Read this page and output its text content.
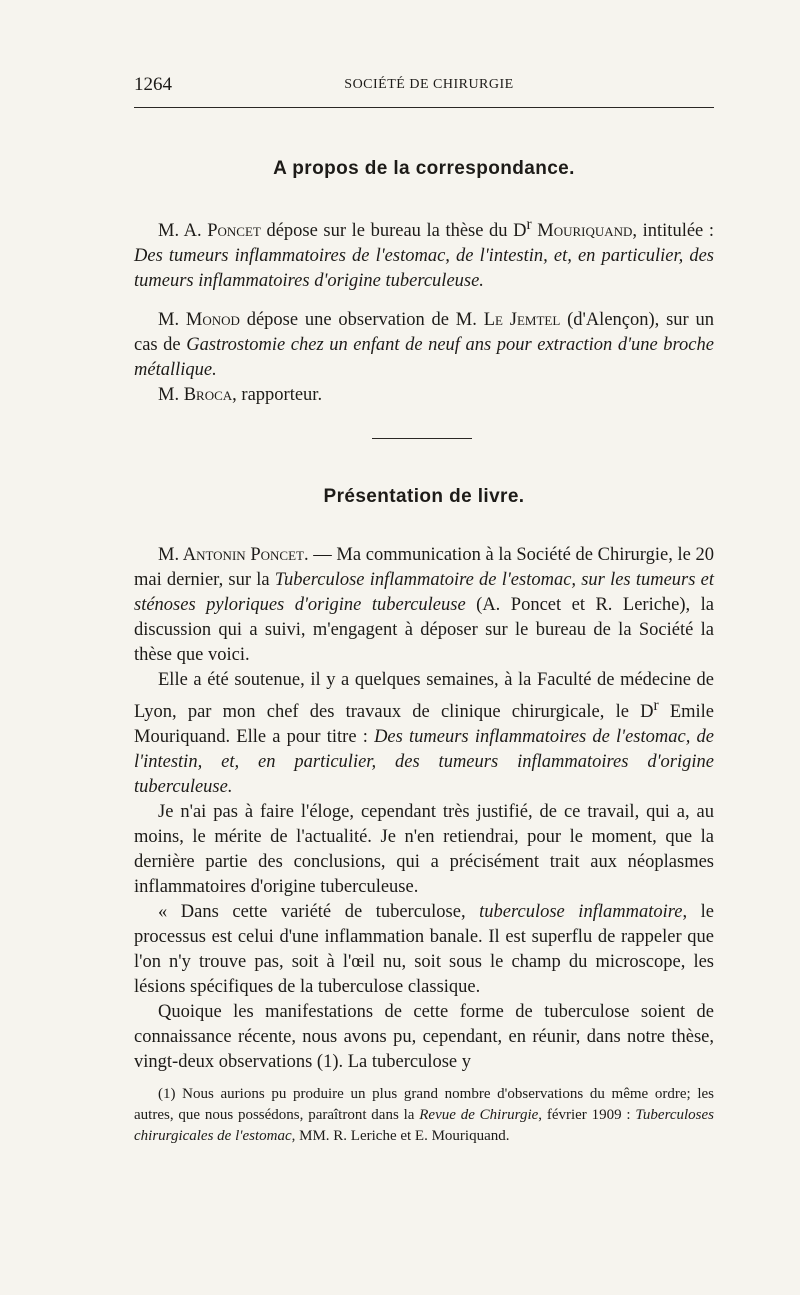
1264	SOCIÉTÉ DE CHIRURGIE
A propos de la correspondance.

M. A. Poncet dépose sur le bureau la thèse du $D^r$ Mouriquand, intitulée : Des tumeurs inflammatoires de l'estomac, de l'intestin, et, en particulier, des tumeurs inflammatoires d'origine tuberculeuse.

M. Monod dépose une observation de M. Le Jemtel (d'Alençon), sur un cas de Gastrostomie chez un enfant de neuf ans pour extraction d'une broche métallique.

M. Broca, rapporteur.

Présentation de livre.

M. Antonin Poncet. — Ma communication à la Société de Chirurgie, le 20 mai dernier, sur la Tuberculose inflammatoire de l'estomac, sur les tumeurs et sténoses pyloriques d'origine tuberculeuse (A. Poncet et R. Leriche), la discussion qui a suivi, m'engagent à déposer sur le bureau de la Société la thèse que voici.

Elle a été soutenue, il y a quelques semaines, à la Faculté de médecine de Lyon, par mon chef des travaux de clinique chirurgicale, le $D^r$ Emile Mouriquand. Elle a pour titre : Des tumeurs inflammatoires de l'estomac, de l'intestin, et, en particulier, des tumeurs inflammatoires d'origine tuberculeuse.

Je n'ai pas à faire l'éloge, cependant très justifié, de ce travail, qui a, au moins, le mérite de l'actualité. Je n'en retiendrai, pour le moment, que la dernière partie des conclusions, qui a précisément trait aux néoplasmes inflammatoires d'origine tuberculeuse.

« Dans cette variété de tuberculose, tuberculose inflammatoire, le processus est celui d'une inflammation banale. Il est superflu de rappeler que l'on n'y trouve pas, soit à l'œil nu, soit sous le champ du microscope, les lésions spécifiques de la tuberculose classique.

Quoique les manifestations de cette forme de tuberculose soient de connaissance récente, nous avons pu, cependant, en réunir, dans notre thèse, vingt-deux observations (1). La tuberculose y

(1) Nous aurions pu produire un plus grand nombre d'observations du même ordre; les autres, que nous possédons, paraîtront dans la Revue de Chirurgie, février 1909 : Tuberculoses chirurgicales de l'estomac, MM. R. Leriche et E. Mouriquand.
